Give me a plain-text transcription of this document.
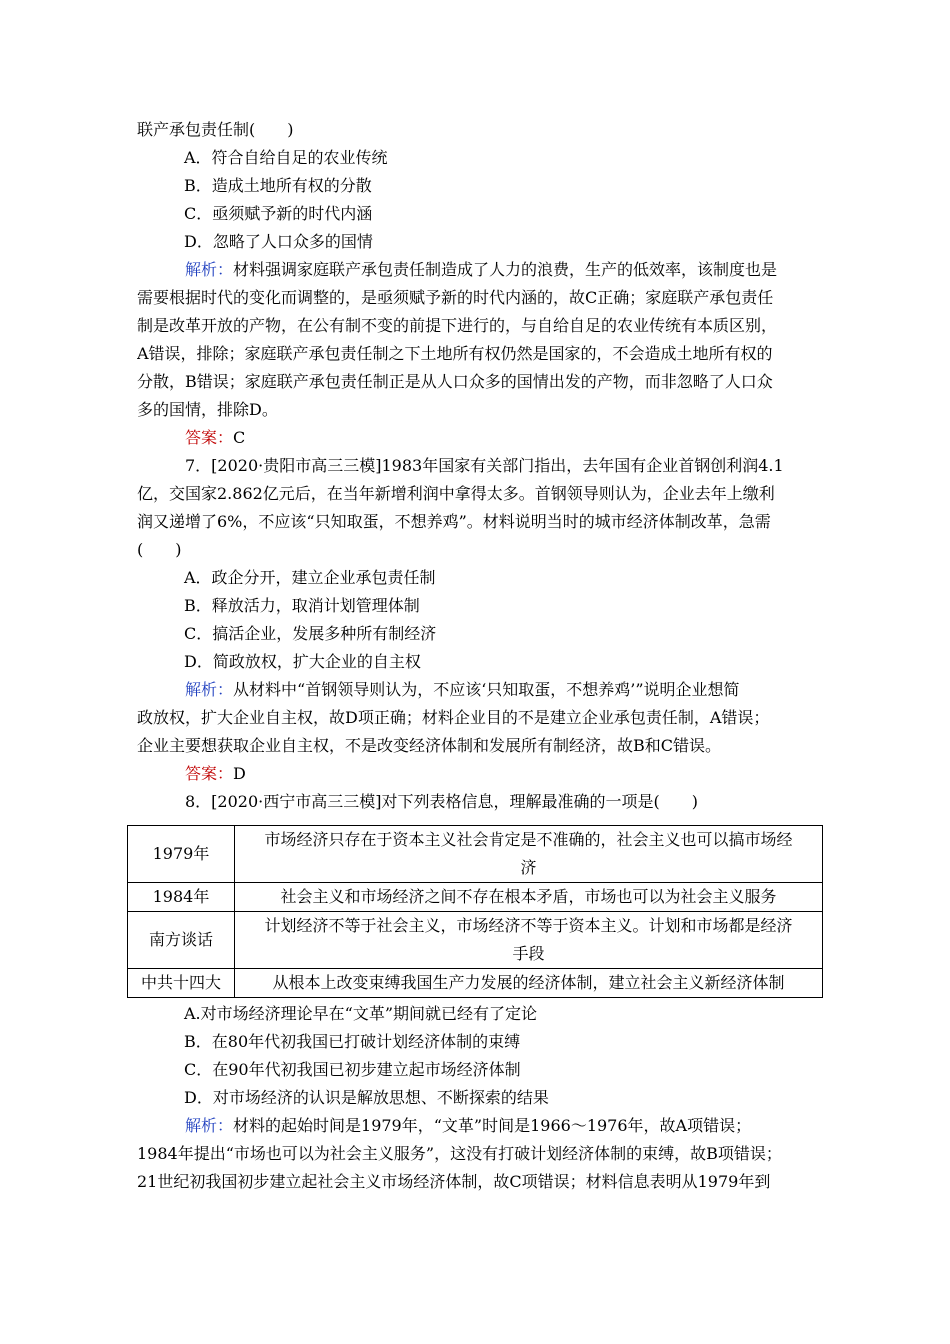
联产承包责任制(　　)
A．符合自给自足的农业传统
B．造成土地所有权的分散
C．亟须赋予新的时代内涵
D．忽略了人口众多的国情
解析：材料强调家庭联产承包责任制造成了人力的浪费，生产的低效率，该制度也是
需要根据时代的变化而调整的，是亟须赋予新的时代内涵的，故C正确；家庭联产承包责任
制是改革开放的产物，在公有制不变的前提下进行的，与自给自足的农业传统有本质区别，
A错误，排除；家庭联产承包责任制之下土地所有权仍然是国家的，不会造成土地所有权的
分散，B错误；家庭联产承包责任制正是从人口众多的国情出发的产物，而非忽略了人口众
多的国情，排除D。
答案：C
7．[2020·贵阳市高三三模]1983年国家有关部门指出，去年国有企业首钢创利润4.1
亿，交国家2.862亿元后，在当年新增利润中拿得太多。首钢领导则认为，企业去年上缴利
润又递增了6%，不应该“只知取蛋，不想养鸡”。材料说明当时的城市经济体制改革，急需
(　　)
A．政企分开，建立企业承包责任制
B．释放活力，取消计划管理体制
C．搞活企业，发展多种所有制经济
D．简政放权，扩大企业的自主权
解析：从材料中“首钢领导则认为，不应该‘只知取蛋，不想养鸡’”说明企业想简
政放权，扩大企业自主权，故D项正确；材料企业目的不是建立企业承包责任制，A错误；
企业主要想获取企业自主权，不是改变经济体制和发展所有制经济，故B和C错误。
答案：D
8．[2020·西宁市高三三模]对下列表格信息，理解最准确的一项是(　　)
1979年	市场经济只存在于资本主义社会肯定是不准确的，社会主义也可以搞市场经
济

1984年	社会主义和市场经济之间不存在根本矛盾，市场也可以为社会主义服务

南方谈话	计划经济不等于社会主义，市场经济不等于资本主义。计划和市场都是经济
手段

中共十四大	从根本上改变束缚我国生产力发展的经济体制，建立社会主义新经济体制
A.对市场经济理论早在“文革”期间就已经有了定论
B．在80年代初我国已打破计划经济体制的束缚
C．在90年代初我国已初步建立起市场经济体制
D．对市场经济的认识是解放思想、不断探索的结果
解析：材料的起始时间是1979年，“文革”时间是1966～1976年，故A项错误；
1984年提出“市场也可以为社会主义服务”，这没有打破计划经济体制的束缚，故B项错误；
21世纪初我国初步建立起社会主义市场经济体制，故C项错误；材料信息表明从1979年到
